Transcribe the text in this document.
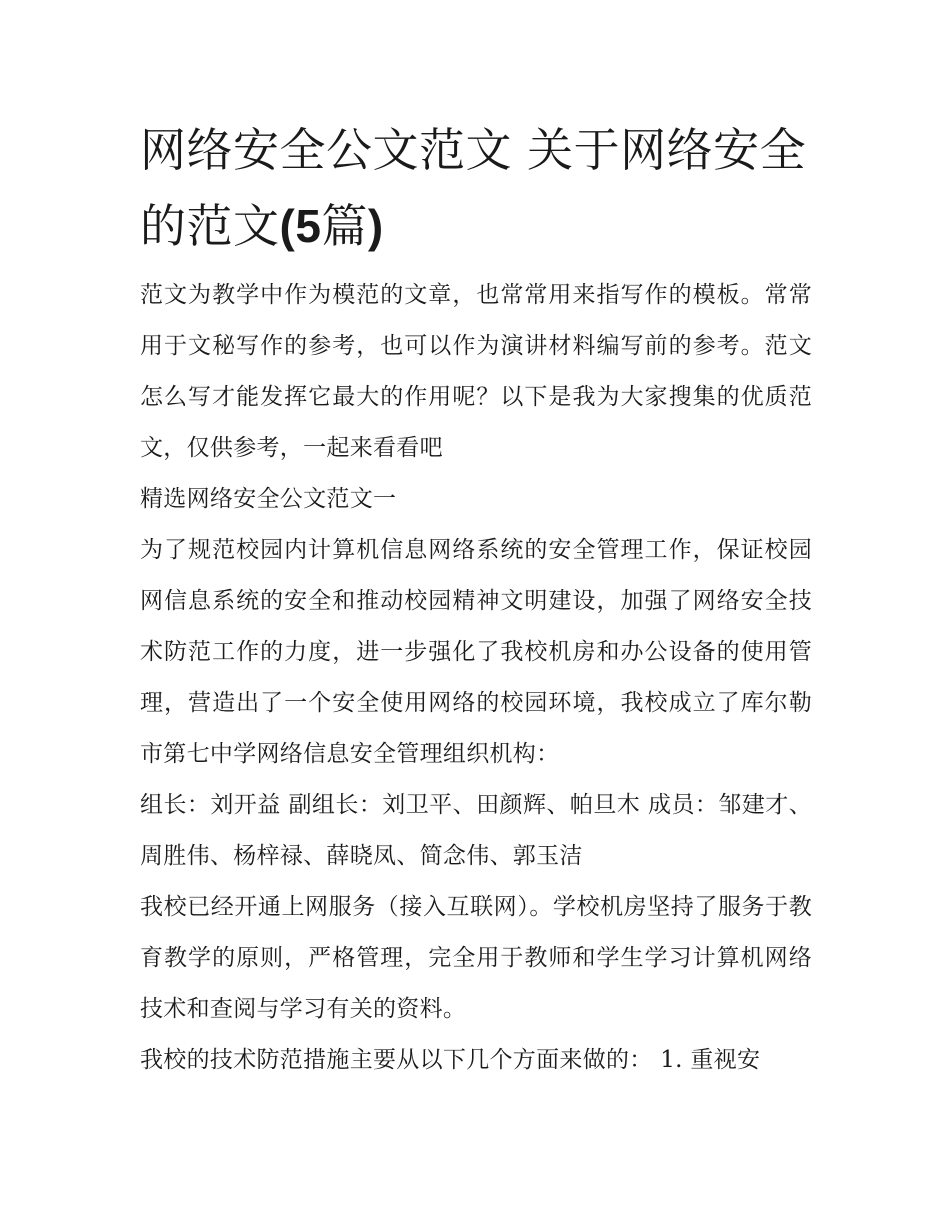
网络安全公文范文 关于网络安全的范文(5篇)

范文为教学中作为模范的文章，也常常用来指写作的模板。常常用于文秘写作的参考，也可以作为演讲材料编写前的参考。范文怎么写才能发挥它最大的作用呢？以下是我为大家搜集的优质范文，仅供参考，一起来看看吧

精选网络安全公文范文一

为了规范校园内计算机信息网络系统的安全管理工作，保证校园网信息系统的安全和推动校园精神文明建设，加强了网络安全技术防范工作的力度，进一步强化了我校机房和办公设备的使用管理，营造出了一个安全使用网络的校园环境，我校成立了库尔勒市第七中学网络信息安全管理组织机构：

组长：刘开益 副组长：刘卫平、田颜辉、帕旦木 成员：邹建才、周胜伟、杨梓禄、薛晓凤、简念伟、郭玉洁

我校已经开通上网服务（接入互联网）。学校机房坚持了服务于教育教学的原则，严格管理，完全用于教师和学生学习计算机网络技术和查阅与学习有关的资料。

我校的技术防范措施主要从以下几个方面来做的： 1. 重视安
